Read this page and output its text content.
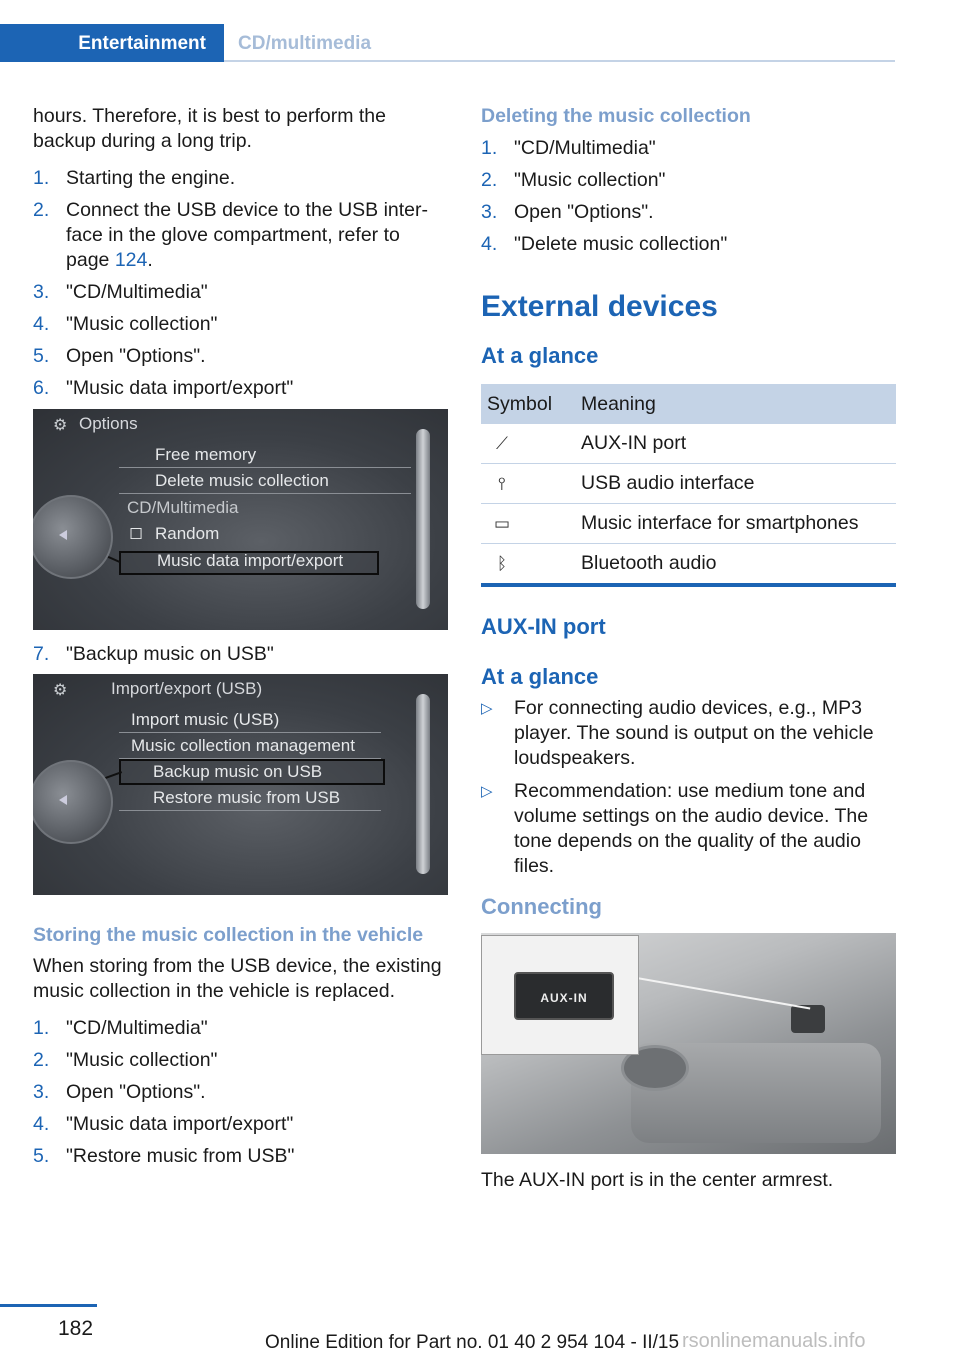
Entertainment CD/multimedia

hours. Therefore, it is best to perform the backup during a long trip.

1. Starting the engine.
2. Connect the USB device to the USB interface in the glove compartment, refer to page 124.
3. "CD/Multimedia"
4. "Music collection"
5. Open "Options".
6. "Music data import/export"
⚙ Options
Free memory
Delete music collection
CD/Multimedia
◻ Random
Music data import/export
7. "Backup music on USB"
⚙	Import/export (USB)
Import music (USB)
Music collection management
Backup music on USB
Restore music from USB

Storing the music collection in the vehicle

When storing from the USB device, the existing music collection in the vehicle is replaced.

1. "CD/Multimedia"
2. "Music collection"
3. Open "Options".
4. "Music data import/export"
5. "Restore music from USB"

Deleting the music collection

1. "CD/Multimedia"
2. "Music collection"
3. Open "Options".
4. "Delete music collection"

External devices

At a glance

Symbol	Meaning
⟋	AUX-IN port
⫯	USB audio interface
▭	Music interface for smartphones
ᛒ	Bluetooth audio

AUX-IN port

At a glance

▷ For connecting audio devices, e.g., MP3 player. The sound is output on the vehicle loudspeakers.
▷ Recommendation: use medium tone and volume settings on the audio device. The tone depends on the quality of the audio files.

Connecting

AUX-IN

The AUX-IN port is in the center armrest.

182
Online Edition for Part no. 01 40 2 954 104 - II/15 rsonlinemanuals.info
